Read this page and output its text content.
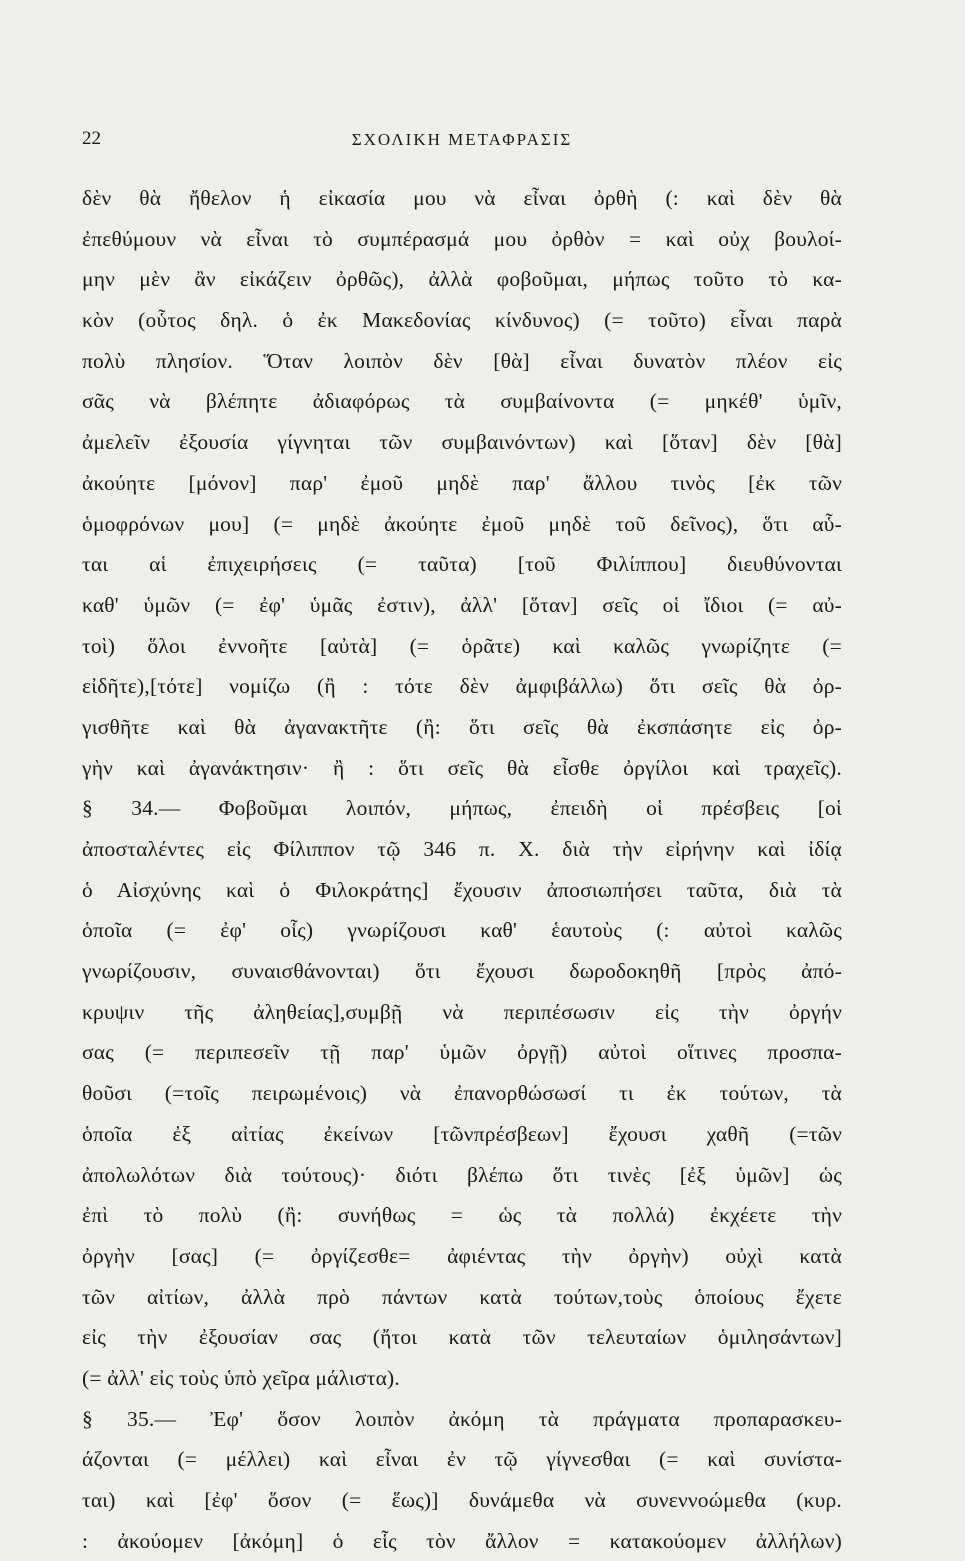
22	ΣΧΟΛΙΚΗ ΜΕΤΑΦΡΑΣΙΣ
δὲν θὰ ἤθελον ἡ εἰκασία μου νὰ εἶναι ὀρθὴ (: καὶ δὲν θὰ
ἐπεθύμουν νὰ εἶναι τὸ συμπέρασμά μου ὀρθὸν = καὶ οὐχ βουλοί-
μην μὲν ἂν εἰκάζειν ὀρθῶς), ἀλλὰ φοβοῦμαι, μήπως τοῦτο τὸ κα-
κὸν (οὗτος δηλ. ὁ ἐκ Μακεδονίας κίνδυνος) (= τοῦτο) εἶναι παρὰ
πολὺ πλησίον. Ὅταν λοιπὸν δὲν [θὰ] εἶναι δυνατὸν πλέον εἰς
σᾶς νὰ βλέπητε ἀδιαφόρως τὰ συμβαίνοντα (= μηκέθ' ὑμῖν,
ἀμελεῖν ἐξουσία γίγνηται τῶν συμβαινόντων) καὶ [ὅταν] δὲν [θὰ]
ἀκούητε [μόνον] παρ' ἐμοῦ μηδὲ παρ' ἄλλου τινὸς [ἐκ τῶν
ὁμοφρόνων μου] (= μηδὲ ἀκούητε ἐμοῦ μηδὲ τοῦ δεῖνος), ὅτι αὗ-
ται αἱ ἐπιχειρήσεις (= ταῦτα) [τοῦ Φιλίππου] διευθύνονται
καθ' ὑμῶν (= ἐφ' ὑμᾶς ἐστιν), ἀλλ' [ὅταν] σεῖς οἱ ἴδιοι (= αὐ-
τοὶ) ὅλοι ἐννοῆτε [αὐτὰ] (= ὁρᾶτε) καὶ καλῶς γνωρίζητε (=
εἰδῆτε),[τότε] νομίζω (ἢ : τότε δὲν ἀμφιβάλλω) ὅτι σεῖς θὰ ὀρ-
γισθῆτε καὶ θὰ ἀγανακτῆτε (ἢ: ὅτι σεῖς θὰ ἐκσπάσητε εἰς ὀρ-
γὴν καὶ ἀγανάκτησιν· ἢ : ὅτι σεῖς θὰ εἶσθε ὀργίλοι καὶ τραχεῖς).
§ 34.— Φοβοῦμαι λοιπόν, μήπως, ἐπειδὴ οἱ πρέσβεις [οἱ
ἀποσταλέντες εἰς Φίλιππον τῷ 346 π. Χ. διὰ τὴν εἰρήνην καὶ ἰδίᾳ
ὁ Αἰσχύνης καὶ ὁ Φιλοκράτης] ἔχουσιν ἀποσιωπήσει ταῦτα, διὰ τὰ
ὁποῖα (= ἐφ' οἷς) γνωρίζουσι καθ' ἑαυτοὺς (: αὐτοὶ καλῶς
γνωρίζουσιν, συναισθάνονται) ὅτι ἔχουσι δωροδοκηθῆ [πρὸς ἀπό-
κρυψιν τῆς ἀληθείας],συμβῇ νὰ περιπέσωσιν εἰς τὴν ὀργήν
σας (= περιπεσεῖν τῇ παρ' ὑμῶν ὀργῇ) αὐτοὶ οἵτινες προσπα-
θοῦσι (=τοῖς πειρωμένοις) νὰ ἐπανορθώσωσί τι ἐκ τούτων, τὰ
ὁποῖα ἐξ αἰτίας ἐκείνων [τῶνπρέσβεων] ἔχουσι χαθῆ (=τῶν
ἀπολωλότων διὰ τούτους)· διότι βλέπω ὅτι τινὲς [ἐξ ὑμῶν] ὡς
ἐπὶ τὸ πολὺ (ἢ: συνήθως = ὡς τὰ πολλά) ἐκχέετε τὴν
ὀργὴν [σας] (= ὀργίζεσθε= ἀφιέντας τὴν ὀργὴν) οὐχὶ κατὰ
τῶν αἰτίων, ἀλλὰ πρὸ πάντων κατὰ τούτων,τοὺς ὁποίους ἔχετε
εἰς τὴν ἐξουσίαν σας (ἤτοι κατὰ τῶν τελευταίων ὁμιλησάντων]
(= ἀλλ' εἰς τοὺς ὑπὸ χεῖρα μάλιστα).
§ 35.— Ἐφ' ὅσον λοιπὸν ἀκόμη τὰ πράγματα προπαρασκευ-
άζονται (= μέλλει) καὶ εἶναι ἐν τῷ γίγνεσθαι (= καὶ συνίστα-
ται) καὶ [ἐφ' ὅσον (= ἕως)] δυνάμεθα νὰ συνεννοώμεθα (κυρ.
: ἀκούομεν [ἀκόμη] ὁ εἷς τὸν ἄλλον = κατακούομεν ἀλλήλων)
